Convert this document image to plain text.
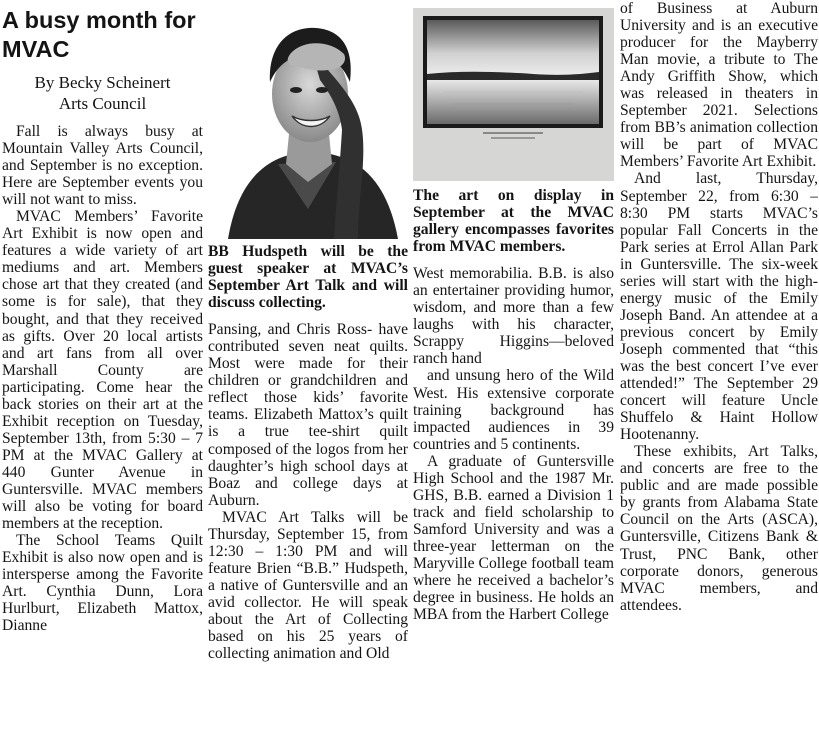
A busy month for MVAC
By Becky Scheinert
Arts Council

Fall is always busy at Mountain Valley Arts Council, and September is no exception. Here are September events you will not want to miss.

MVAC Members’ Favorite Art Exhibit is now open and features a wide variety of art mediums and art. Members chose art that they created (and some is for sale), that they bought, and that they received as gifts. Over 20 local artists and art fans from all over Marshall County are participating. Come hear the back stories on their art at the Exhibit reception on Tuesday, September 13th, from 5:30 – 7 PM at the MVAC Gallery at 440 Gunter Avenue in Guntersville. MVAC members will also be voting for board members at the reception.

The School Teams Quilt Exhibit is also now open and is intersperse among the Favorite Art. Cynthia Dunn, Lora Hurlburt, Elizabeth Mattox, Dianne

BB Hudspeth will be the guest speaker at MVAC’s September Art Talk and will discuss collecting.

Pansing, and Chris Ross- have contributed seven neat quilts. Most were made for their children or grandchildren and reflect those kids’ favorite teams. Elizabeth Mattox’s quilt is a true tee-shirt quilt composed of the logos from her daughter’s high school days at Boaz and college days at Auburn.

MVAC Art Talks will be Thursday, September 15, from 12:30 – 1:30 PM and will feature Brien “B.B.” Hudspeth, a native of Guntersville and an avid collector. He will speak about the Art of Collecting based on his 25 years of collecting animation and Old

The art on display in September at the MVAC gallery encompasses favorites from MVAC members.

West memorabilia. B.B. is also an entertainer providing humor, wisdom, and more than a few laughs with his character, Scrappy Higgins—beloved ranch hand

and unsung hero of the Wild West. His extensive corporate training background has impacted audiences in 39 countries and 5 continents.

A graduate of Guntersville High School and the 1987 Mr. GHS, B.B. earned a Division 1 track and field scholarship to Samford University and was a three-year letterman on the Maryville College football team where he received a bachelor’s degree in business. He holds an MBA from the Harbert College

of Business at Auburn University and is an executive producer for the Mayberry Man movie, a tribute to The Andy Griffith Show, which was released in theaters in September 2021. Selections from BB’s animation collection will be part of MVAC Members’ Favorite Art Exhibit.

And last, Thursday, September 22, from 6:30 – 8:30 PM starts MVAC’s popular Fall Concerts in the Park series at Errol Allan Park in Guntersville. The six-week series will start with the high-energy music of the Emily Joseph Band. An attendee at a previous concert by Emily Joseph commented that “this was the best concert I’ve ever attended!” The September 29 concert will feature Uncle Shuffelo & Haint Hollow Hootenanny.

These exhibits, Art Talks, and concerts are free to the public and are made possible by grants from Alabama State Council on the Arts (ASCA), Guntersville, Citizens Bank & Trust, PNC Bank, other corporate donors, generous MVAC members, and attendees.
